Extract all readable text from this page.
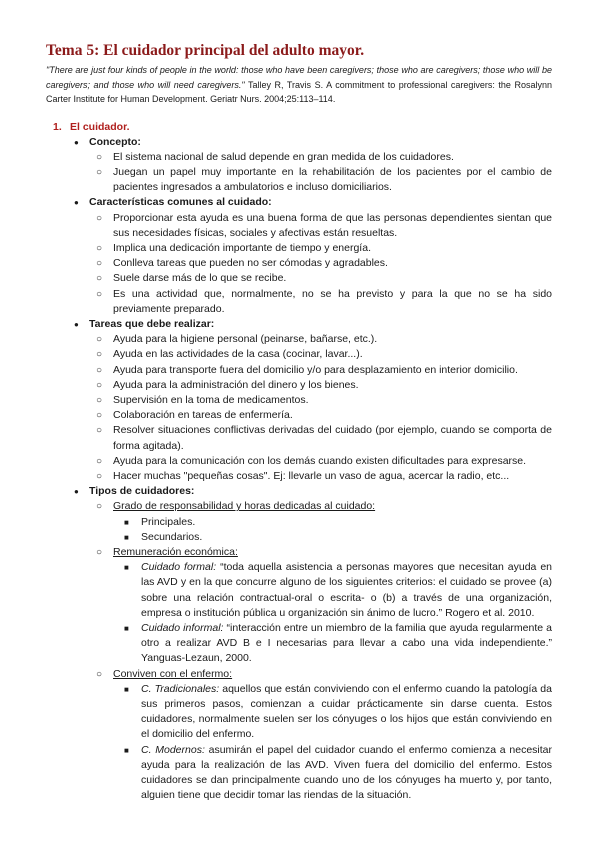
Tema 5: El cuidador principal del adulto mayor.
"There are just four kinds of people in the world: those who have been caregivers; those who are caregivers; those who will be caregivers; and those who will need caregivers." Talley R, Travis S. A commitment to professional caregivers: the Rosalynn Carter Institute for Human Development. Geriatr Nurs. 2004;25:113–114.
1. El cuidador.
● Concepto:
○ El sistema nacional de salud depende en gran medida de los cuidadores.
○ Juegan un papel muy importante en la rehabilitación de los pacientes por el cambio de pacientes ingresados a ambulatorios e incluso domiciliarios.
● Características comunes al cuidado:
○ Proporcionar esta ayuda es una buena forma de que las personas dependientes sientan que sus necesidades físicas, sociales y afectivas están resueltas.
○ Implica una dedicación importante de tiempo y energía.
○ Conlleva tareas que pueden no ser cómodas y agradables.
○ Suele darse más de lo que se recibe.
○ Es una actividad que, normalmente, no se ha previsto y para la que no se ha sido previamente preparado.
● Tareas que debe realizar:
○ Ayuda para la higiene personal (peinarse, bañarse, etc.).
○ Ayuda en las actividades de la casa (cocinar, lavar...).
○ Ayuda para transporte fuera del domicilio y/o para desplazamiento en interior domicilio.
○ Ayuda para la administración del dinero y los bienes.
○ Supervisión en la toma de medicamentos.
○ Colaboración en tareas de enfermería.
○ Resolver situaciones conflictivas derivadas del cuidado (por ejemplo, cuando se comporta de forma agitada).
○ Ayuda para la comunicación con los demás cuando existen dificultades para expresarse.
○ Hacer muchas "pequeñas cosas". Ej: llevarle un vaso de agua, acercar la radio, etc...
● Tipos de cuidadores:
○ Grado de responsabilidad y horas dedicadas al cuidado:
■ Principales.
■ Secundarios.
○ Remuneración económica:
■ Cuidado formal: “toda aquella asistencia a personas mayores que necesitan ayuda en las AVD y en la que concurre alguno de los siguientes criterios: el cuidado se provee (a) sobre una relación contractual-oral o escrita- o (b) a través de una organización, empresa o institución pública u organización sin ánimo de lucro.” Rogero et al. 2010.
■ Cuidado informal: “interacción entre un miembro de la familia que ayuda regularmente a otro a realizar AVD B e I necesarias para llevar a cabo una vida independiente.” Yanguas-Lezaun, 2000.
○ Conviven con el enfermo:
■ C. Tradicionales: aquellos que están conviviendo con el enfermo cuando la patología da sus primeros pasos, comienzan a cuidar prácticamente sin darse cuenta. Estos cuidadores, normalmente suelen ser los cónyuges o los hijos que están conviviendo en el domicilio del enfermo.
■ C. Modernos: asumirán el papel del cuidador cuando el enfermo comienza a necesitar ayuda para la realización de las AVD. Viven fuera del domicilio del enfermo. Estos cuidadores se dan principalmente cuando uno de los cónyuges ha muerto y, por tanto, alguien tiene que decidir tomar las riendas de la situación.
